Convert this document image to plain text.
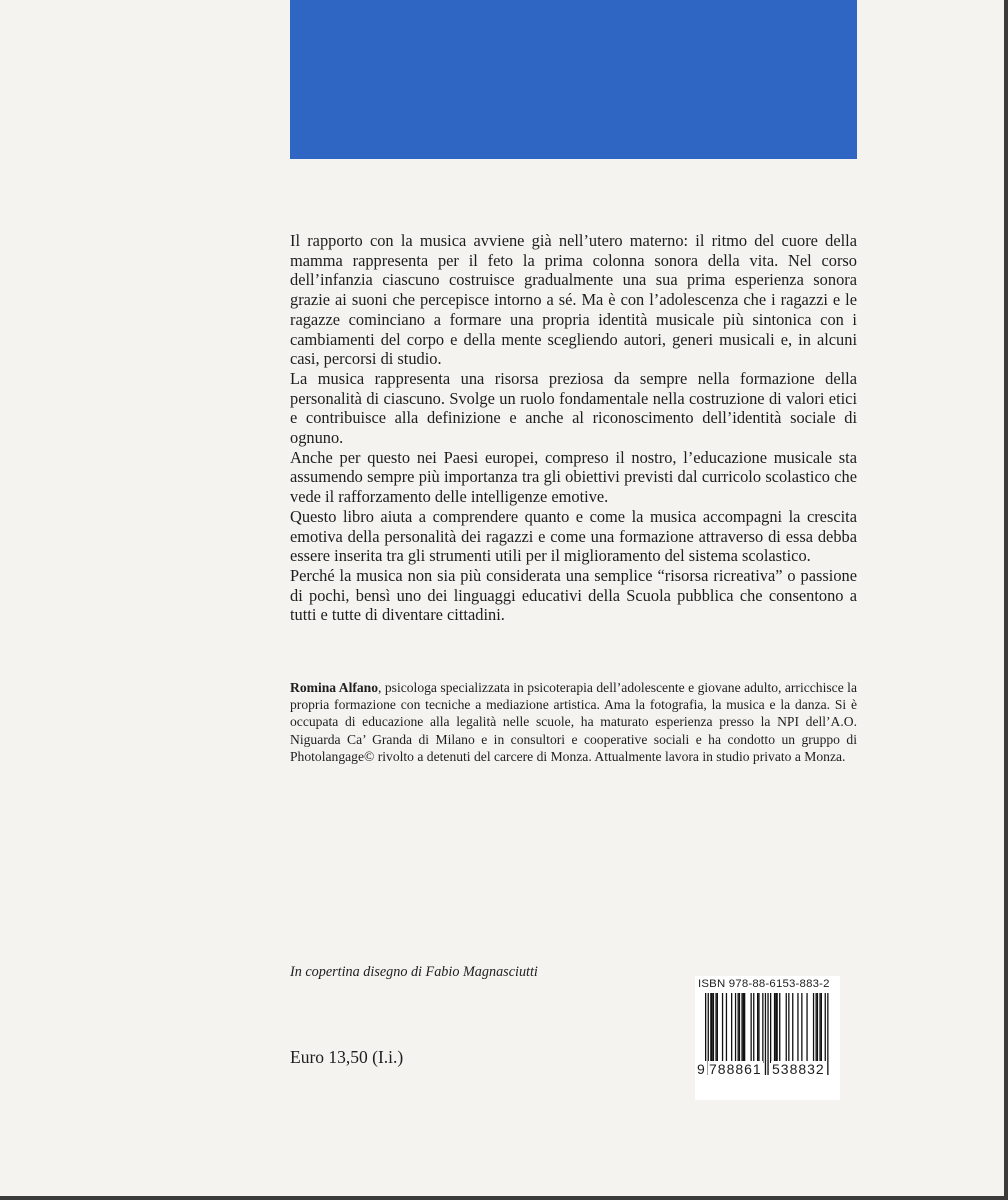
Il rapporto con la musica avviene già nell’utero materno: il ritmo del cuore della mamma rappresenta per il feto la prima colonna sonora della vita. Nel corso dell’infanzia ciascuno costruisce gradualmente una sua prima esperienza sonora grazie ai suoni che percepisce intorno a sé. Ma è con l’adolescenza che i ragazzi e le ragazze cominciano a formare una propria identità musicale più sintonica con i cambiamenti del corpo e della mente scegliendo autori, generi musicali e, in alcuni casi, percorsi di studio.

La musica rappresenta una risorsa preziosa da sempre nella formazione della personalità di ciascuno. Svolge un ruolo fondamentale nella costruzione di valori etici e contribuisce alla definizione e anche al riconoscimento dell’identità sociale di ognuno.

Anche per questo nei Paesi europei, compreso il nostro, l’educazione musicale sta assumendo sempre più importanza tra gli obiettivi previsti dal curricolo scolastico che vede il rafforzamento delle intelligenze emotive.

Questo libro aiuta a comprendere quanto e come la musica accompagni la crescita emotiva della personalità dei ragazzi e come una formazione attraverso di essa debba essere inserita tra gli strumenti utili per il miglioramento del sistema scolastico.

Perché la musica non sia più considerata una semplice “risorsa ricreativa” o passione di pochi, bensì uno dei linguaggi educativi della Scuola pubblica che consentono a tutti e tutte di diventare cittadini.

Romina Alfano, psicologa specializzata in psicoterapia dell’adolescente e giovane adulto, arricchisce la propria formazione con tecniche a mediazione artistica. Ama la fotografia, la musica e la danza. Si è occupata di educazione alla legalità nelle scuole, ha maturato esperienza presso la NPI dell’A.O. Niguarda Ca’ Granda di Milano e in consultori e cooperative sociali e ha condotto un gruppo di Photolangage© rivolto a detenuti del carcere di Monza. Attualmente lavora in studio privato a Monza.

In copertina disegno di Fabio Magnasciutti
Euro 13,50 (I.i.)
ISBN 978-88-6153-883-2
9 788861 538832
